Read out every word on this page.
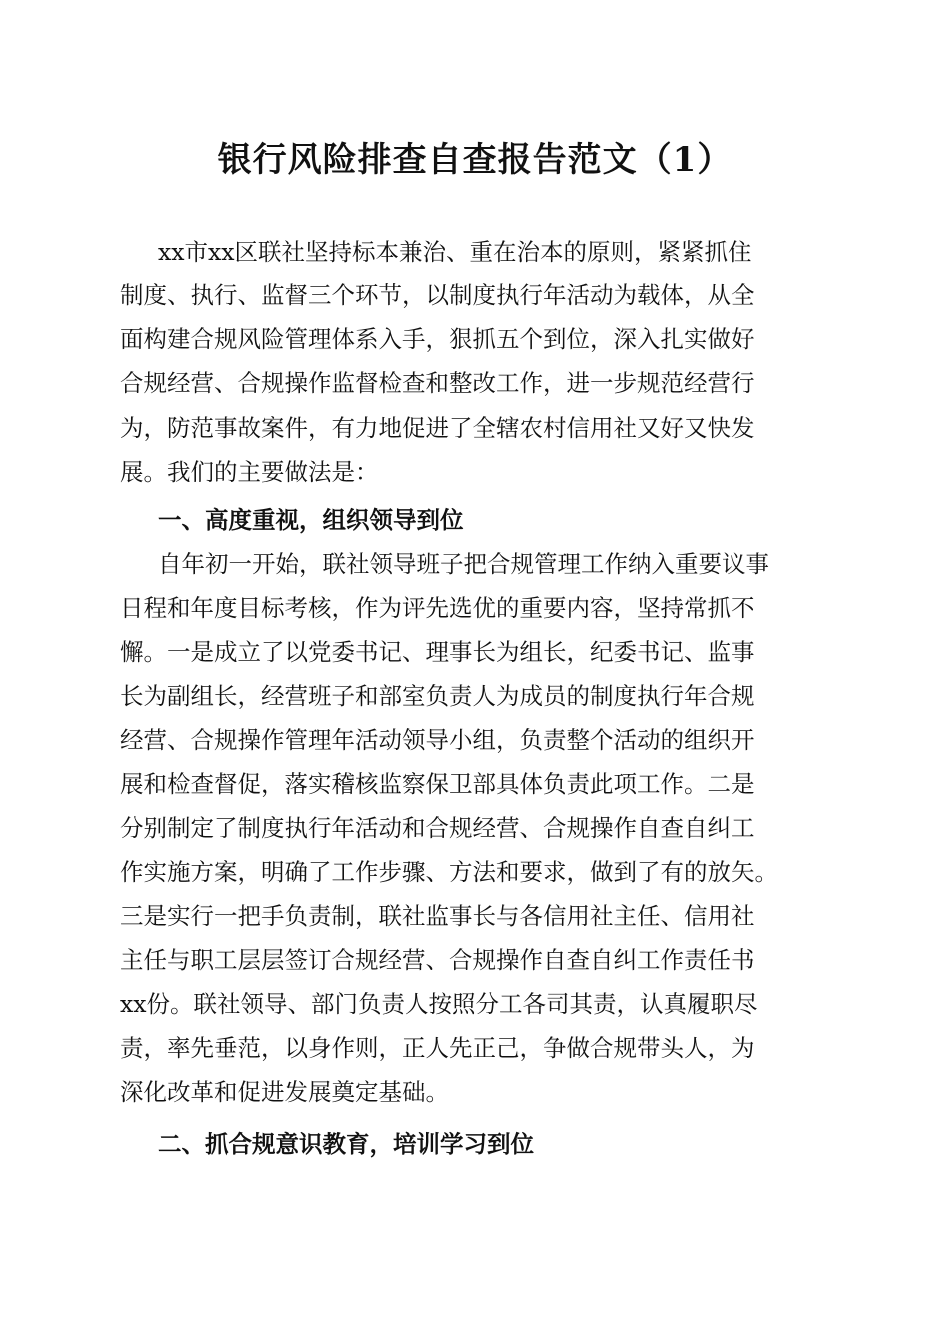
银行风险排查自查报告范文（1）

xx市xx区联社坚持标本兼治、重在治本的原则，紧紧抓住

制度、执行、监督三个环节，以制度执行年活动为载体，从全

面构建合规风险管理体系入手，狠抓五个到位，深入扎实做好

合规经营、合规操作监督检查和整改工作，进一步规范经营行

为，防范事故案件，有力地促进了全辖农村信用社又好又快发

展。我们的主要做法是：

一、高度重视，组织领导到位

自年初一开始，联社领导班子把合规管理工作纳入重要议事

日程和年度目标考核，作为评先选优的重要内容，坚持常抓不

懈。一是成立了以党委书记、理事长为组长，纪委书记、监事

长为副组长，经营班子和部室负责人为成员的制度执行年合规

经营、合规操作管理年活动领导小组，负责整个活动的组织开

展和检查督促，落实稽核监察保卫部具体负责此项工作。二是

分别制定了制度执行年活动和合规经营、合规操作自查自纠工

作实施方案，明确了工作步骤、方法和要求，做到了有的放矢。

三是实行一把手负责制，联社监事长与各信用社主任、信用社

主任与职工层层签订合规经营、合规操作自查自纠工作责任书

xx份。联社领导、部门负责人按照分工各司其责，认真履职尽

责，率先垂范，以身作则，正人先正己，争做合规带头人，为

深化改革和促进发展奠定基础。

二、抓合规意识教育，培训学习到位
